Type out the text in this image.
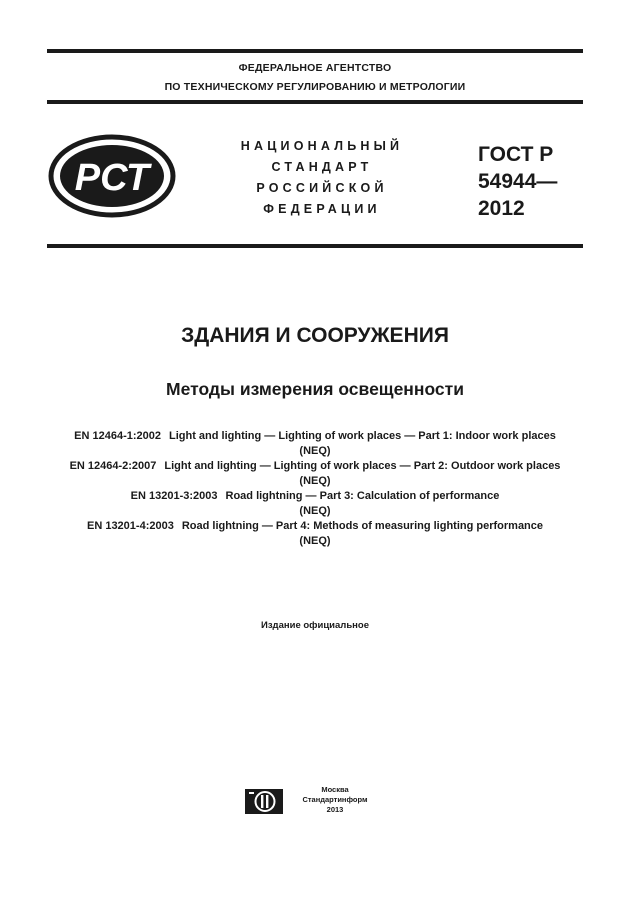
ФЕДЕРАЛЬНОЕ АГЕНТСТВО
ПО ТЕХНИЧЕСКОМУ РЕГУЛИРОВАНИЮ И МЕТРОЛОГИИ
РСТ
НАЦИОНАЛЬНЫЙ
СТАНДАРТ
РОССИЙСКОЙ
ФЕДЕРАЦИИ
ГОСТ Р
54944—
2012
ЗДАНИЯ И СООРУЖЕНИЯ
Методы измерения освещенности
EN 12464-1:2002 Light and lighting — Lighting of work places — Part 1: Indoor work places
(NEQ)
EN 12464-2:2007 Light and lighting — Lighting of work places — Part 2: Outdoor work places
(NEQ)
EN 13201-3:2003 Road lightning — Part 3: Calculation of performance
(NEQ)
EN 13201-4:2003 Road lightning — Part 4: Methods of measuring lighting performance
(NEQ)
Издание официальное
Москва
Стандартинформ
2013
